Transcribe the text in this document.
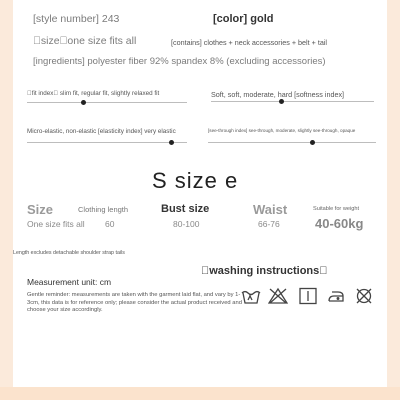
[style number] 243	[color] gold
 size one size fits all	[contains] clothes + neck accessories + belt + tail
[ingredients] polyester fiber 92% spandex 8% (excluding accessories)
 fit index  slim fit, regular fit, slightly relaxed fit	Soft, soft, moderate, hard [softness index]
Micro-elastic, non-elastic [elasticity index] very elastic	[see-through index] see-through, moderate, slightly see-through, opaque
S size e
Size	Clothing length	Bust size	Waist	Suitable for weight
One size fits all 60	80-100	66-76	40-60kg
Length excludes detachable shoulder strap tails
Measurement unit: cm
Gentle reminder: measurements are taken with the garment laid flat, and vary by 1-3cm, this data is for reference only; please consider the actual product received and choose your size accordingly.
 washing instructions 
